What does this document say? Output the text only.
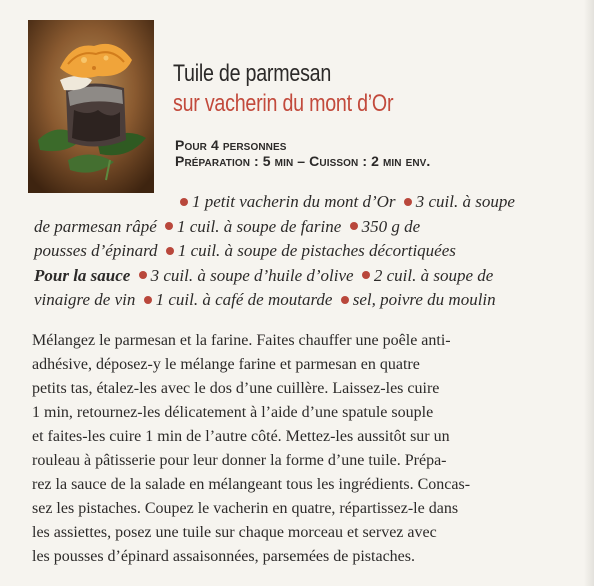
Tuile de parmesan
sur vacherin du mont d’Or
Pour 4 personnes
Préparation : 5 min – Cuisson : 2 min env.
1 petit vacherin du mont d’Or 3 cuil. à soupe
de parmesan râpé 1 cuil. à soupe de farine 350 g de
pousses d’épinard 1 cuil. à soupe de pistaches décortiquées
Pour la sauce 3 cuil. à soupe d’huile d’olive 2 cuil. à soupe de
vinaigre de vin 1 cuil. à café de moutarde sel, poivre du moulin
Mélangez le parmesan et la farine. Faites chauffer une poêle anti-
adhésive, déposez-y le mélange farine et parmesan en quatre
petits tas, étalez-les avec le dos d’une cuillère. Laissez-les cuire
1 min, retournez-les délicatement à l’aide d’une spatule souple
et faites-les cuire 1 min de l’autre côté. Mettez-les aussitôt sur un
rouleau à pâtisserie pour leur donner la forme d’une tuile. Prépa-
rez la sauce de la salade en mélangeant tous les ingrédients. Concas-
sez les pistaches. Coupez le vacherin en quatre, répartissez-le dans
les assiettes, posez une tuile sur chaque morceau et servez avec
les pousses d’épinard assaisonnées, parsemées de pistaches.
